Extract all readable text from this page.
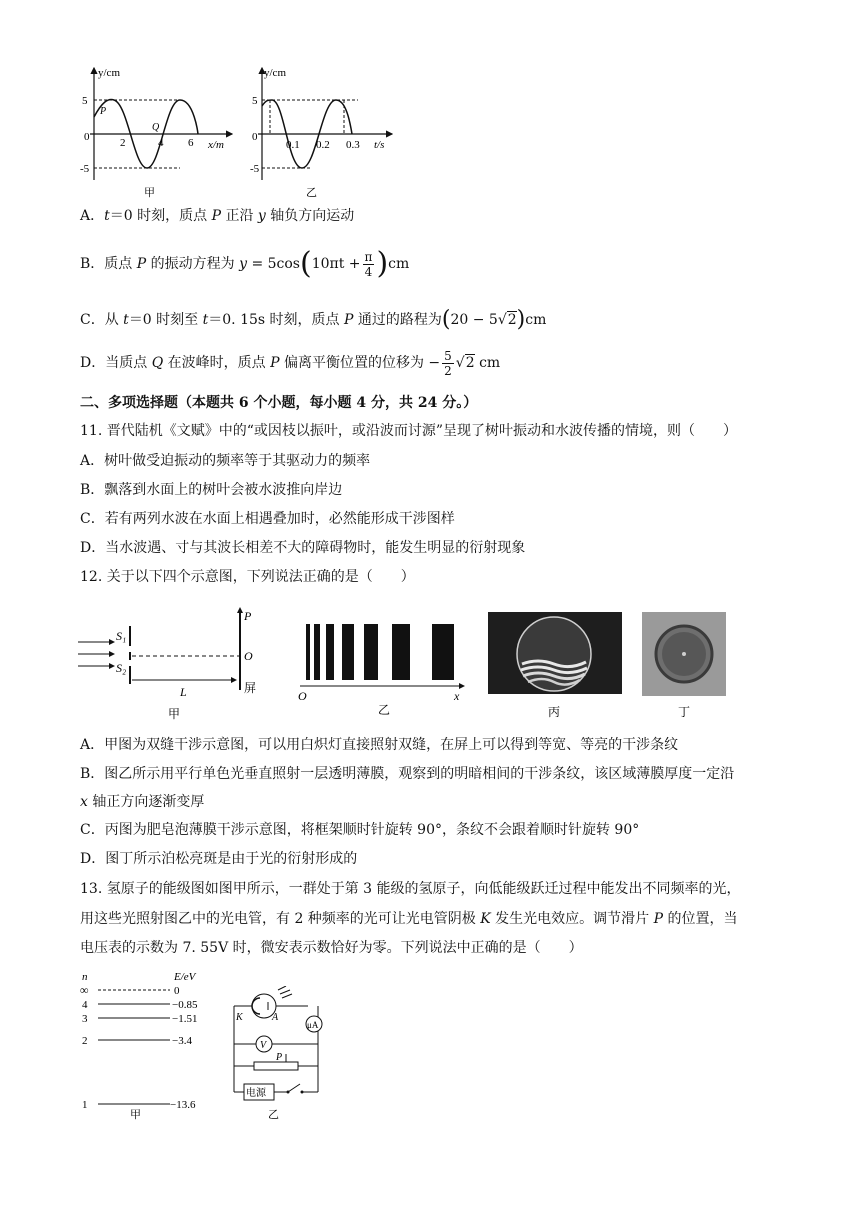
y/cm
5
-5
0
P
Q
2	4 6 x/m
甲
y/cm
5
-5
0
0.1 0.2 0.3 t/s
乙
A．t＝0 时刻，质点 P 正沿 y 轴负方向运动
B．质点 P 的振动方程为 $y = 5\cos(10\pi t + \frac{\pi}{4} )cm$
C．从 t＝0 时刻至 t＝0. 15s 时刻，质点 P 通过的路程为(20 − 5√2)cm
D．当质点 Q 在波峰时，质点 P 偏离平衡位置的位移为 − $\frac{5}{2} √2$ cm
二、多项选择题（本题共 6 个小题，每小题 4 分，共 24 分。）
11. 晋代陆机《文赋》中的“或因枝以振叶，或沿波而讨源”呈现了树叶振动和水波传播的情境，则（　　）
A．树叶做受迫振动的频率等于其驱动力的频率
B．飘落到水面上的树叶会被水波推向岸边
C．若有两列水波在水面上相遇叠加时，必然能形成干涉图样
D．当水波遇、寸与其波长相差不大的障碍物时，能发生明显的衍射现象
12. 关于以下四个示意图，下列说法正确的是（　　）
S₁
S₂
P
O
L	屏
甲
O	x
乙	丙	丁
A．甲图为双缝干涉示意图，可以用白炽灯直接照射双缝，在屏上可以得到等宽、等亮的干涉条纹
B．图乙所示用平行单色光垂直照射一层透明薄膜，观察到的明暗相间的干涉条纹，该区域薄膜厚度一定沿
x 轴正方向逐渐变厚
C．丙图为肥皂泡薄膜干涉示意图，将框架顺时针旋转 90°，条纹不会跟着顺时针旋转 90°
D．图丁所示泊松亮斑是由于光的衍射形成的
13. 氢原子的能级图如图甲所示，一群处于第 3 能级的氢原子，向低能级跃迁过程中能发出不同频率的光，
用这些光照射图乙中的光电管，有 2 种频率的光可让光电管阴极 K 发生光电效应。调节滑片 P 的位置，当
电压表的示数为 7. 55V 时，微安表示数恰好为零。下列说法中正确的是（　　）
n	E/eV
∞	0
4	−0.85
3	−1.51
2	−3.4
1	−13.6
甲
K	A
μA
V
P
电源
乙
